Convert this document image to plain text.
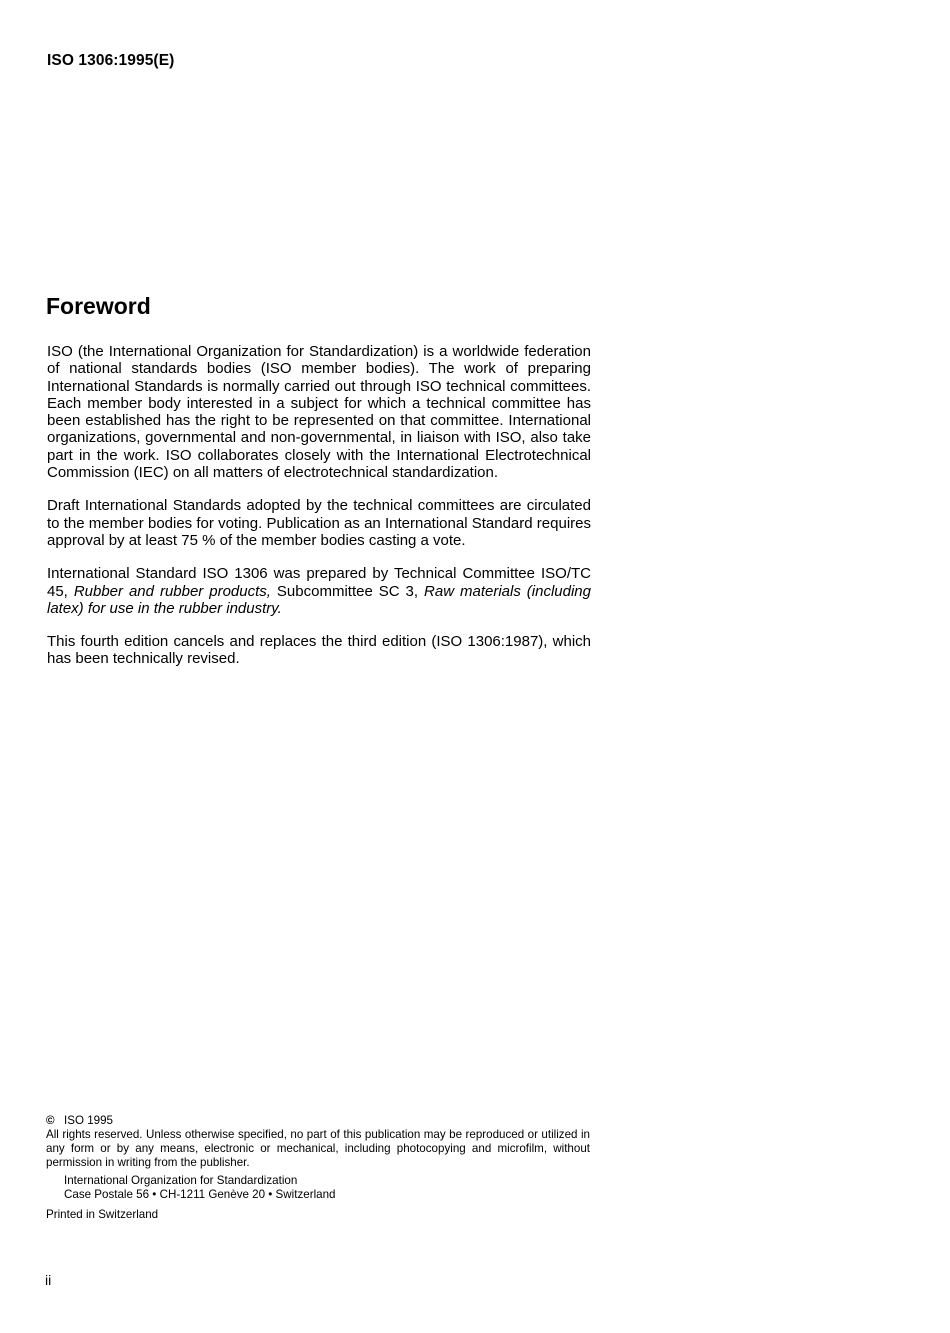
ISO 1306:1995(E)
Foreword

ISO (the International Organization for Standardization) is a worldwide federation of national standards bodies (ISO member bodies). The work of preparing International Standards is normally carried out through ISO technical committees. Each member body interested in a subject for which a technical committee has been established has the right to be represented on that committee. International organizations, governmental and non-governmental, in liaison with ISO, also take part in the work. ISO collaborates closely with the International Electrotechnical Commission (IEC) on all matters of electrotechnical standardization.

Draft International Standards adopted by the technical committees are circulated to the member bodies for voting. Publication as an International Standard requires approval by at least 75 % of the member bodies casting a vote.

International Standard ISO 1306 was prepared by Technical Committee ISO/TC 45, Rubber and rubber products, Subcommittee SC 3, Raw materials (including latex) for use in the rubber industry.

This fourth edition cancels and replaces the third edition (ISO 1306:1987), which has been technically revised.

© ISO 1995

All rights reserved. Unless otherwise specified, no part of this publication may be reproduced or utilized in any form or by any means, electronic or mechanical, including photocopying and microfilm, without permission in writing from the publisher.

International Organization for Standardization
Case Postale 56 • CH-1211 Genève 20 • Switzerland

Printed in Switzerland

ii
